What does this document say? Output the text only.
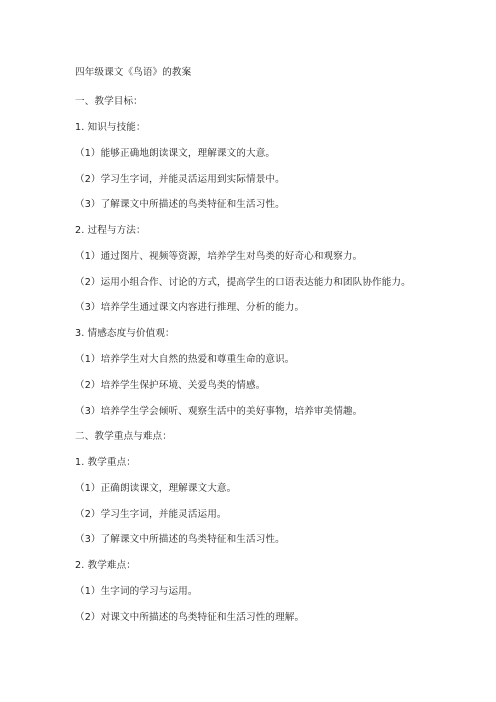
四年级课文《鸟语》的教案
一、教学目标：
1. 知识与技能：
（1）能够正确地朗读课文，理解课文的大意。
（2）学习生字词，并能灵活运用到实际情景中。
（3）了解课文中所描述的鸟类特征和生活习性。
2. 过程与方法：
（1）通过图片、视频等资源，培养学生对鸟类的好奇心和观察力。
（2）运用小组合作、讨论的方式，提高学生的口语表达能力和团队协作能力。
（3）培养学生通过课文内容进行推理、分析的能力。
3. 情感态度与价值观：
（1）培养学生对大自然的热爱和尊重生命的意识。
（2）培养学生保护环境、关爱鸟类的情感。
（3）培养学生学会倾听、观察生活中的美好事物，培养审美情趣。
二、教学重点与难点：
1. 教学重点：
（1）正确朗读课文，理解课文大意。
（2）学习生字词，并能灵活运用。
（3）了解课文中所描述的鸟类特征和生活习性。
2. 教学难点：
（1）生字词的学习与运用。
（2）对课文中所描述的鸟类特征和生活习性的理解。
